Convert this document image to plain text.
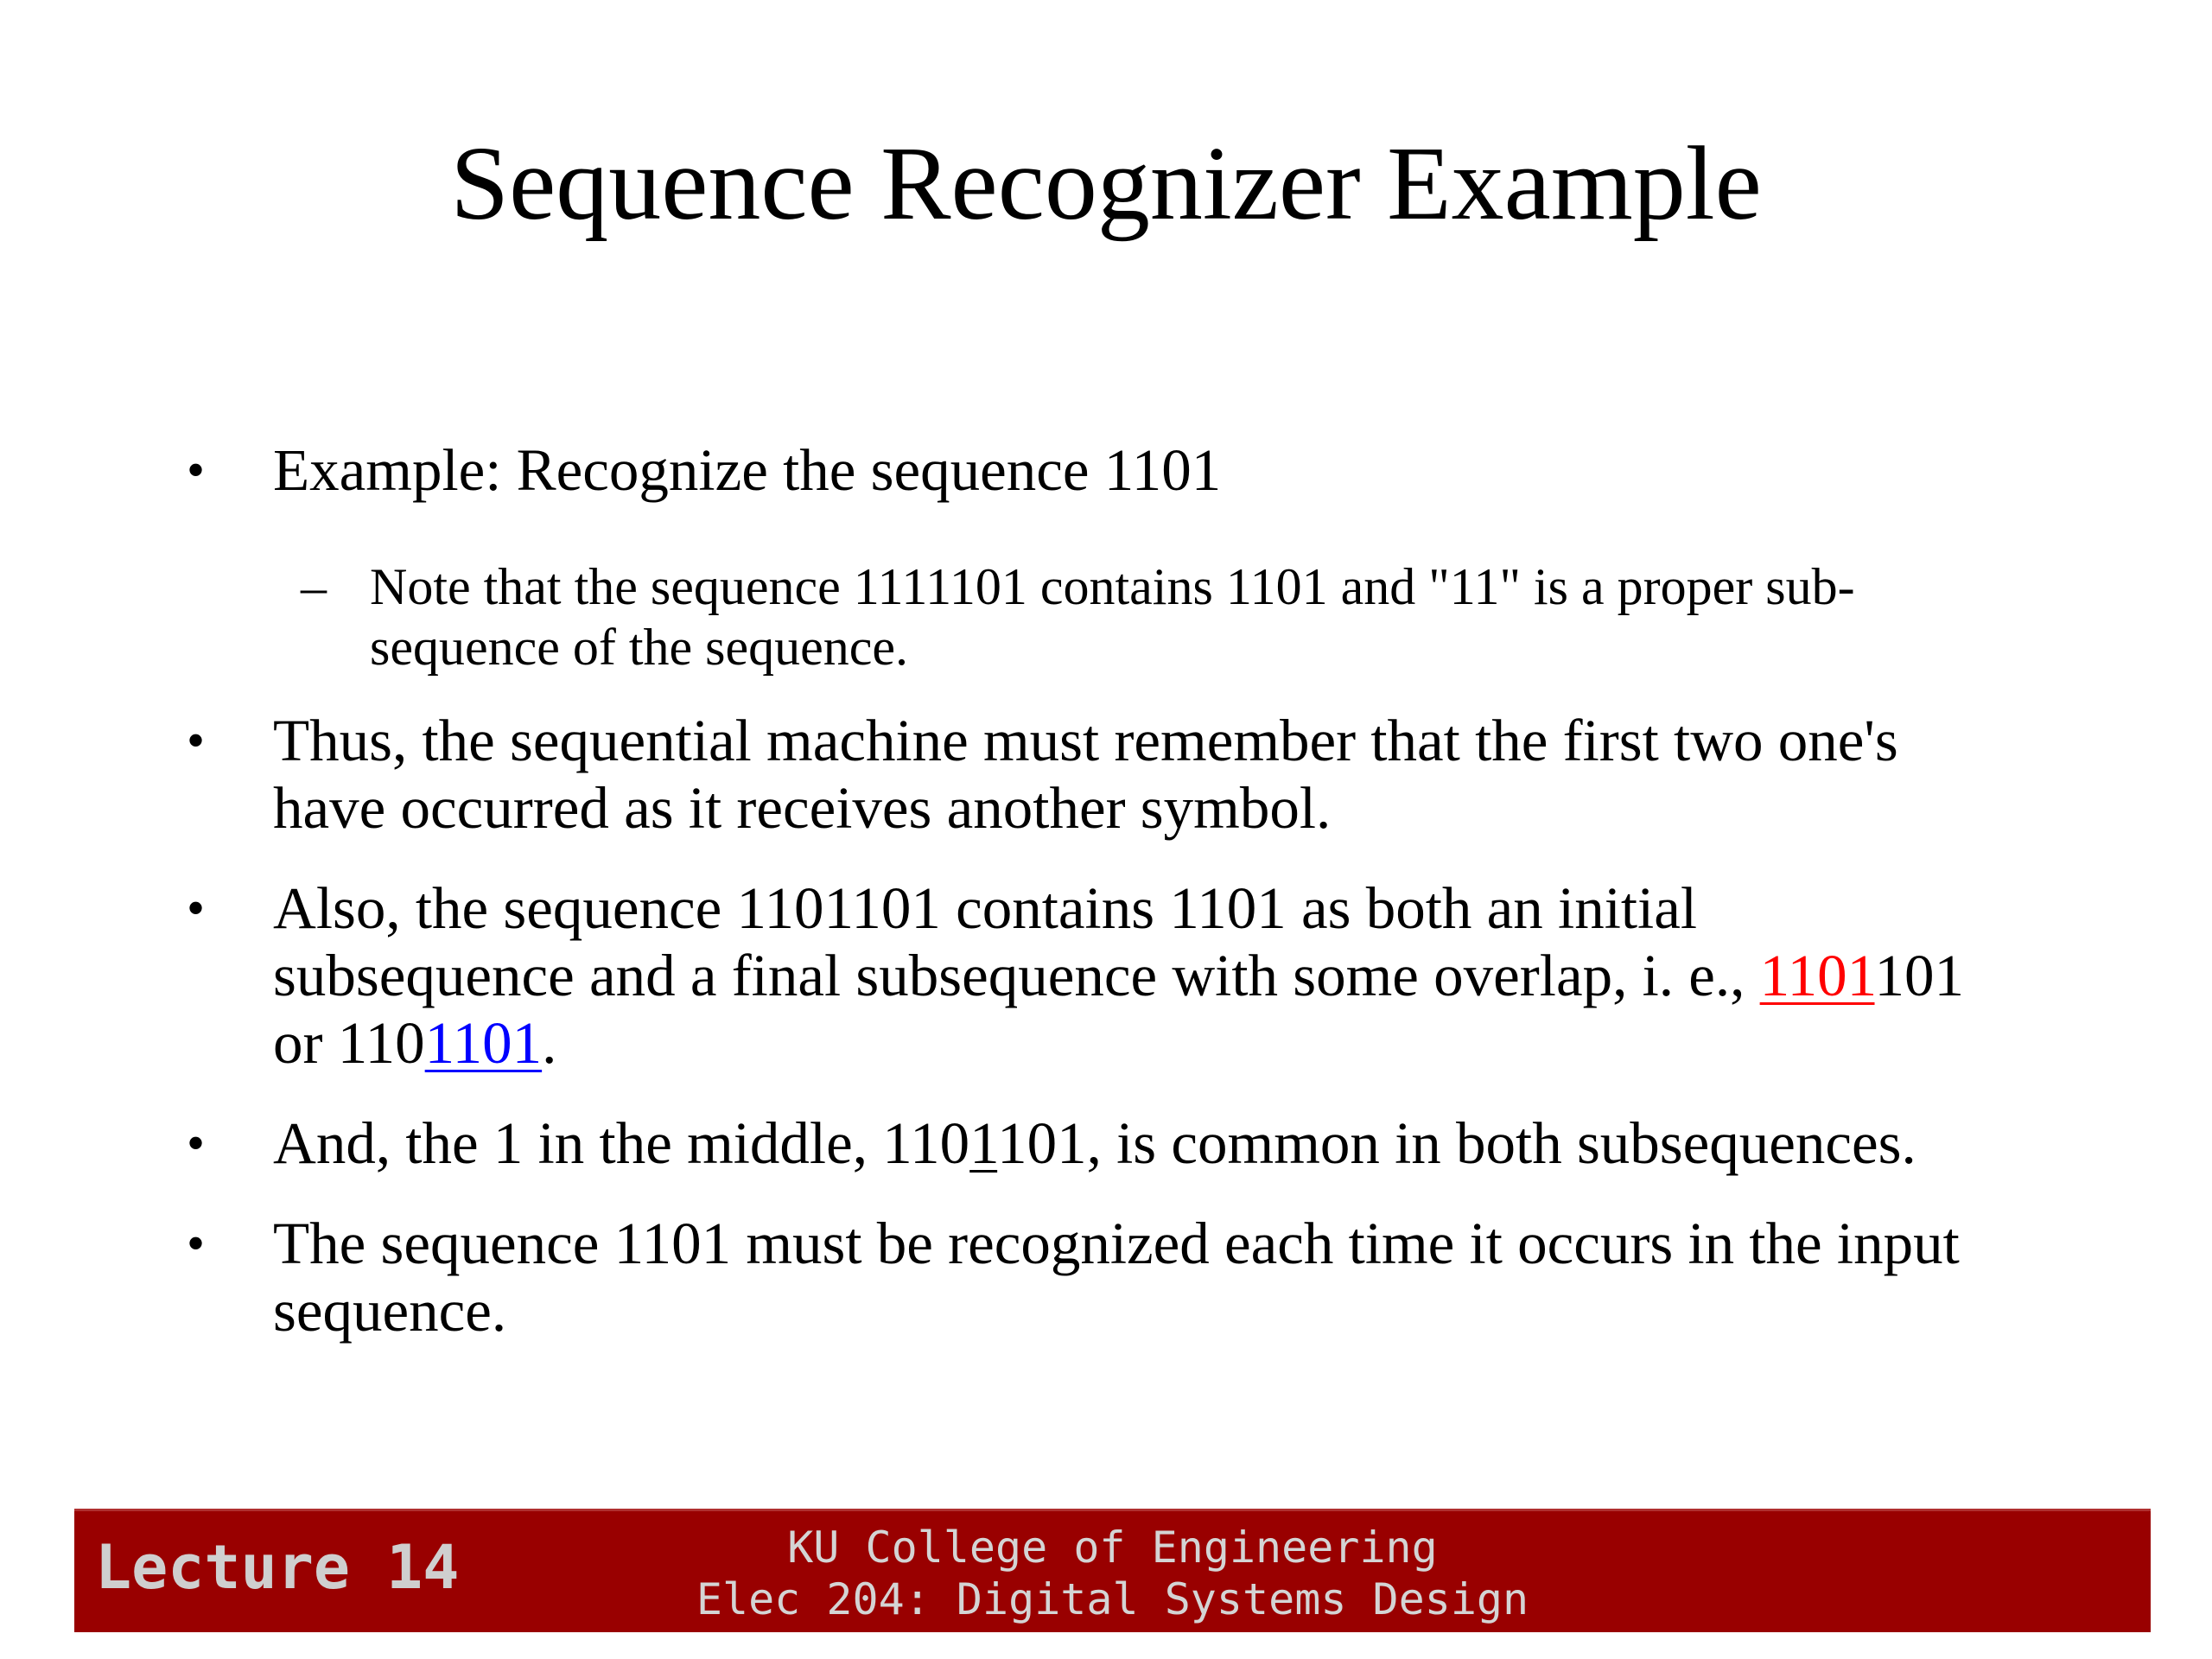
Sequence Recognizer Example
• Example: Recognize the sequence 1101
– Note that the sequence 1111101 contains 1101 and "11" is a proper sub-
sequence of the sequence.
• Thus, the sequential machine must remember that the first two one's
have occurred as it receives another symbol.
• Also, the sequence 1101101 contains 1101 as both an initial
subsequence and a final subsequence with some overlap, i. e., 1101101
or 1101101.
• And, the 1 in the middle, 1101101, is common in both subsequences.
• The sequence 1101 must be recognized each time it occurs in the input
sequence.
Lecture 14	KU College of Engineering
Elec 204: Digital Systems Design
